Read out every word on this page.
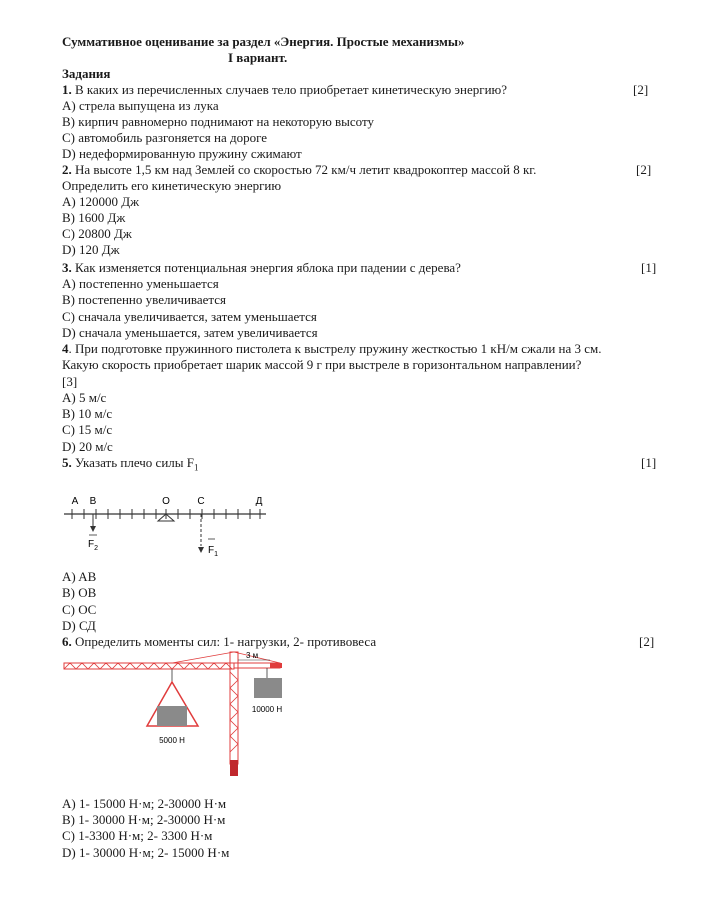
Суммативное оценивание за раздел «Энергия. Простые механизмы»
I вариант.
Задания
1. В каких из перечисленных случаев тело приобретает кинетическую энергию?	[2]
A) стрела выпущена из лука
B) кирпич равномерно поднимают на некоторую высоту
C) автомобиль разгоняется на дороге
D) недеформированную пружину сжимают
2. На высоте 1,5 км над Землей со скоростью 72 км/ч летит квадрокоптер массой 8 кг.	[2]
Определить его кинетическую энергию
A) 120000 Дж
B) 1600 Дж
C) 20800 Дж
D) 120 Дж
3. Как изменяется потенциальная энергия яблока при падении с дерева?	[1]
A) постепенно уменьшается
B) постепенно увеличивается
C) сначала увеличивается, затем уменьшается
D) сначала уменьшается, затем увеличивается
4. При подготовке пружинного пистолета к выстрелу пружину жесткостью 1 кН/м сжали на 3 см.
Какую скорость приобретает шарик массой 9 г при выстреле в горизонтальном направлении?
[3]
A) 5 м/с
B) 10 м/с
C) 15 м/с
D) 20 м/с
5. Указать плечо силы $F_1$	[1]
A B	O	C	Д
$F_2$	$F_1$
A) AB
B) OB
C) OC
D) СД
6. Определить моменты сил: 1- нагрузки, 2- противовеса	[2]
3 м
5000 Н
10000 Н
A) 1- 15000 Н·м; 2-30000 Н·м
B) 1- 30000 Н·м; 2-30000 Н·м
C) 1-3300 Н·м; 2- 3300 Н·м
D) 1- 30000 Н·м; 2- 15000 Н·м
